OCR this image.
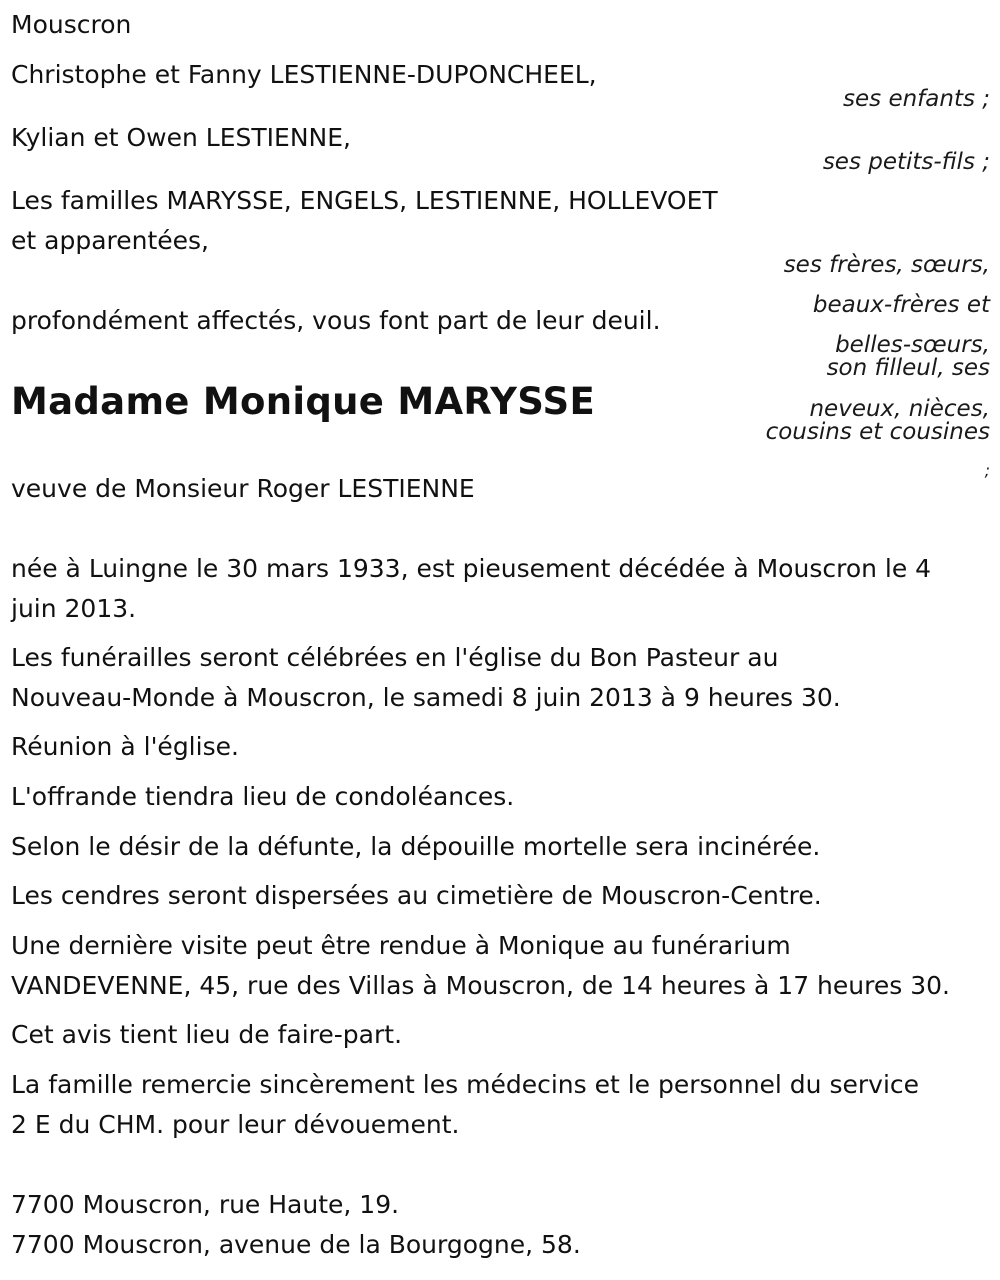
Mouscron
Christophe et Fanny LESTIENNE-DUPONCHEEL,
ses enfants ;
Kylian et Owen LESTIENNE,
ses petits-fils ;
Les familles MARYSSE, ENGELS, LESTIENNE, HOLLEVOET
et apparentées,
ses frères, sœurs,
beaux-frères et
belles-sœurs,
son filleul, ses
neveux, nièces,
cousins et cousines
;
profondément affectés, vous font part de leur deuil.
Madame Monique MARYSSE
veuve de Monsieur Roger LESTIENNE
née à Luingne le 30 mars 1933, est pieusement décédée à Mouscron le 4
juin 2013.
Les funérailles seront célébrées en l'église du Bon Pasteur au
Nouveau-Monde à Mouscron, le samedi 8 juin 2013 à 9 heures 30.
Réunion à l'église.
L'offrande tiendra lieu de condoléances.
Selon le désir de la défunte, la dépouille mortelle sera incinérée.
Les cendres seront dispersées au cimetière de Mouscron-Centre.
Une dernière visite peut être rendue à Monique au funérarium
VANDEVENNE, 45, rue des Villas à Mouscron, de 14 heures à 17 heures 30.
Cet avis tient lieu de faire-part.
La famille remercie sincèrement les médecins et le personnel du service
2 E du CHM. pour leur dévouement.
7700 Mouscron, rue Haute, 19.
7700 Mouscron, avenue de la Bourgogne, 58.
